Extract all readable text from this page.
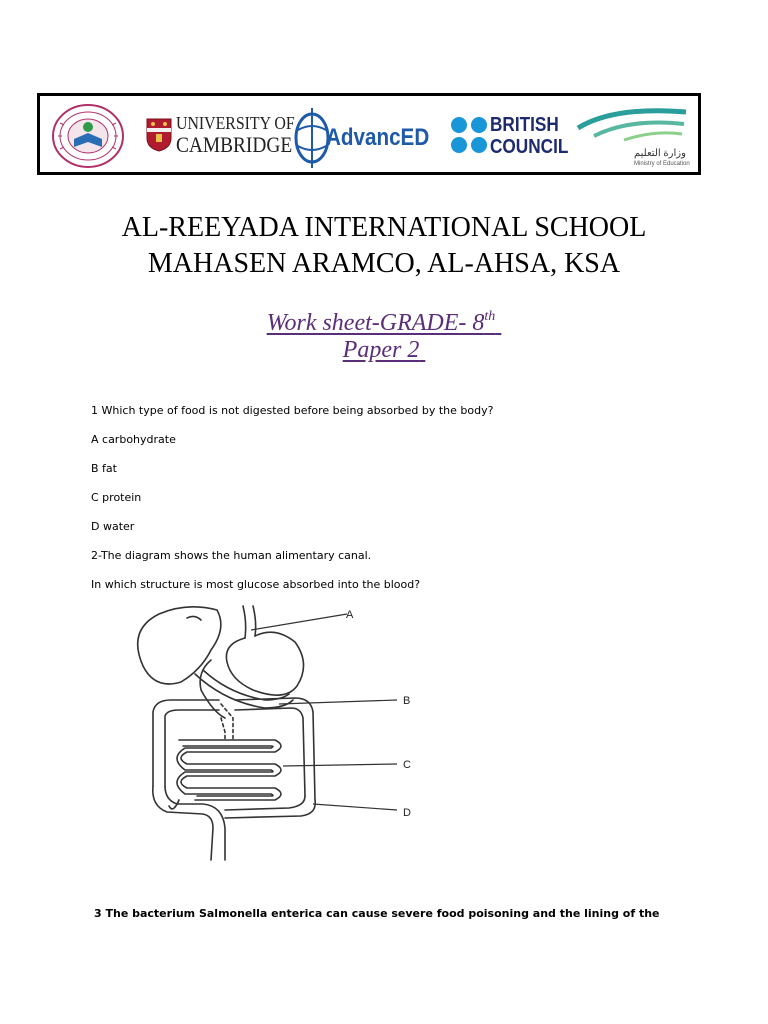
UNIVERSITY OF
CAMBRIDGE AdvancED	BRITISH
COUNCIL	وزارة التعليم
Ministry of Education
AL-REEYADA INTERNATIONAL SCHOOL
MAHASEN ARAMCO, AL-AHSA, KSA
Work sheet-GRADE- 8th
Paper 2
1 Which type of food is not digested before being absorbed by the body?
A carbohydrate
B fat
C protein
D water
2-The diagram shows the human alimentary canal.
In which structure is most glucose absorbed into the blood?
A
B
C
D
3 The bacterium Salmonella enterica can cause severe food poisoning and the lining of the
